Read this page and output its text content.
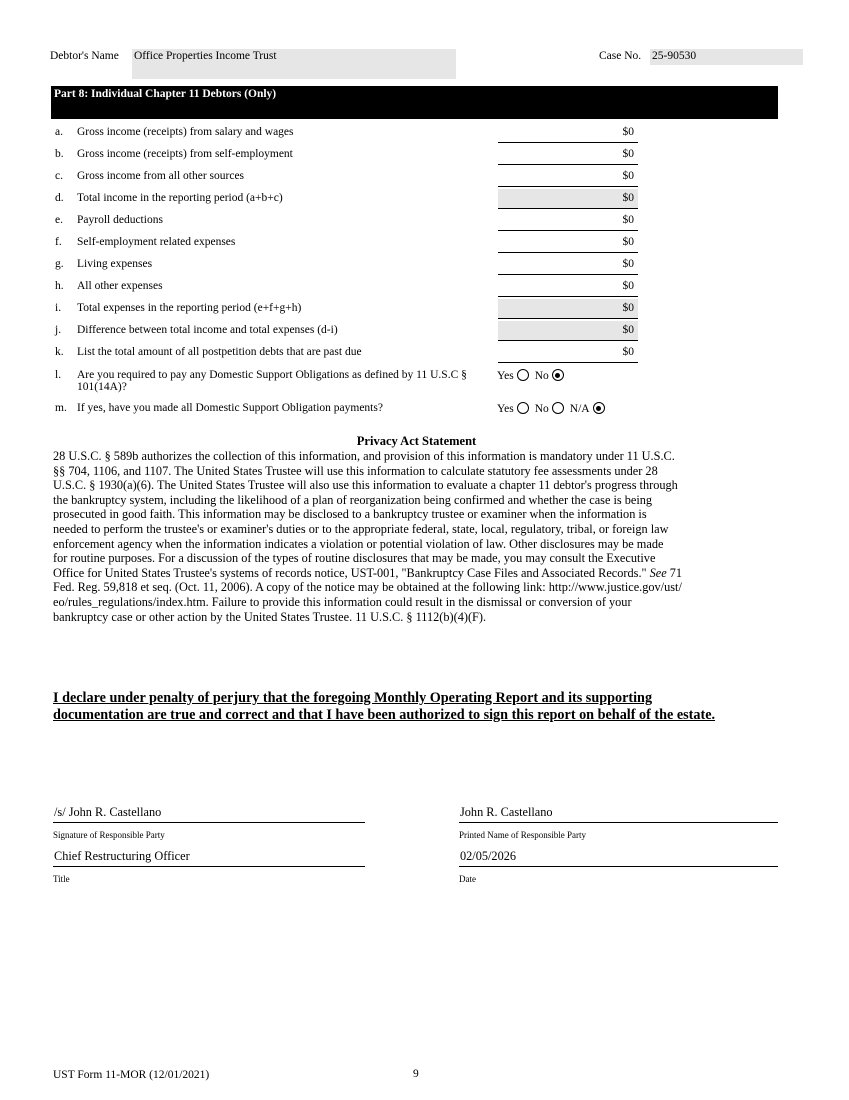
Debtor's Name Office Properties Income Trust	Case No. 25-90530
Part 8: Individual Chapter 11 Debtors (Only)
a. Gross income (receipts) from salary and wages	$0
b. Gross income (receipts) from self-employment	$0
c. Gross income from all other sources	$0
d. Total income in the reporting period (a+b+c)	$0
e. Payroll deductions	$0
f. Self-employment related expenses	$0
g. Living expenses	$0
h. All other expenses	$0
i. Total expenses in the reporting period (e+f+g+h)	$0
j. Difference between total income and total expenses (d-i)	$0
k. List the total amount of all postpetition debts that are past due	$0
l. Are you required to pay any Domestic Support Obligations as defined by 11 U.S.C § 101(14A)?
Yes No
m. If yes, have you made all Domestic Support Obligation payments?	Yes No N/A
Privacy Act Statement
28 U.S.C. § 589b authorizes the collection of this information, and provision of this information is mandatory under 11 U.S.C.
§§ 704, 1106, and 1107. The United States Trustee will use this information to calculate statutory fee assessments under 28
U.S.C. § 1930(a)(6). The United States Trustee will also use this information to evaluate a chapter 11 debtor's progress through
the bankruptcy system, including the likelihood of a plan of reorganization being confirmed and whether the case is being
prosecuted in good faith. This information may be disclosed to a bankruptcy trustee or examiner when the information is
needed to perform the trustee's or examiner's duties or to the appropriate federal, state, local, regulatory, tribal, or foreign law
enforcement agency when the information indicates a violation or potential violation of law. Other disclosures may be made
for routine purposes. For a discussion of the types of routine disclosures that may be made, you may consult the Executive
Office for United States Trustee's systems of records notice, UST-001, "Bankruptcy Case Files and Associated Records." See 71
Fed. Reg. 59,818 et seq. (Oct. 11, 2006). A copy of the notice may be obtained at the following link: http://www.justice.gov/ust/
eo/rules_regulations/index.htm. Failure to provide this information could result in the dismissal or conversion of your
bankruptcy case or other action by the United States Trustee. 11 U.S.C. § 1112(b)(4)(F).
I declare under penalty of perjury that the foregoing Monthly Operating Report and its supporting
documentation are true and correct and that I have been authorized to sign this report on behalf of the estate.
/s/ John R. Castellano
Signature of Responsible Party
John R. Castellano
Printed Name of Responsible Party
Chief Restructuring Officer
Title
02/05/2026
Date
UST Form 11-MOR (12/01/2021)	9
